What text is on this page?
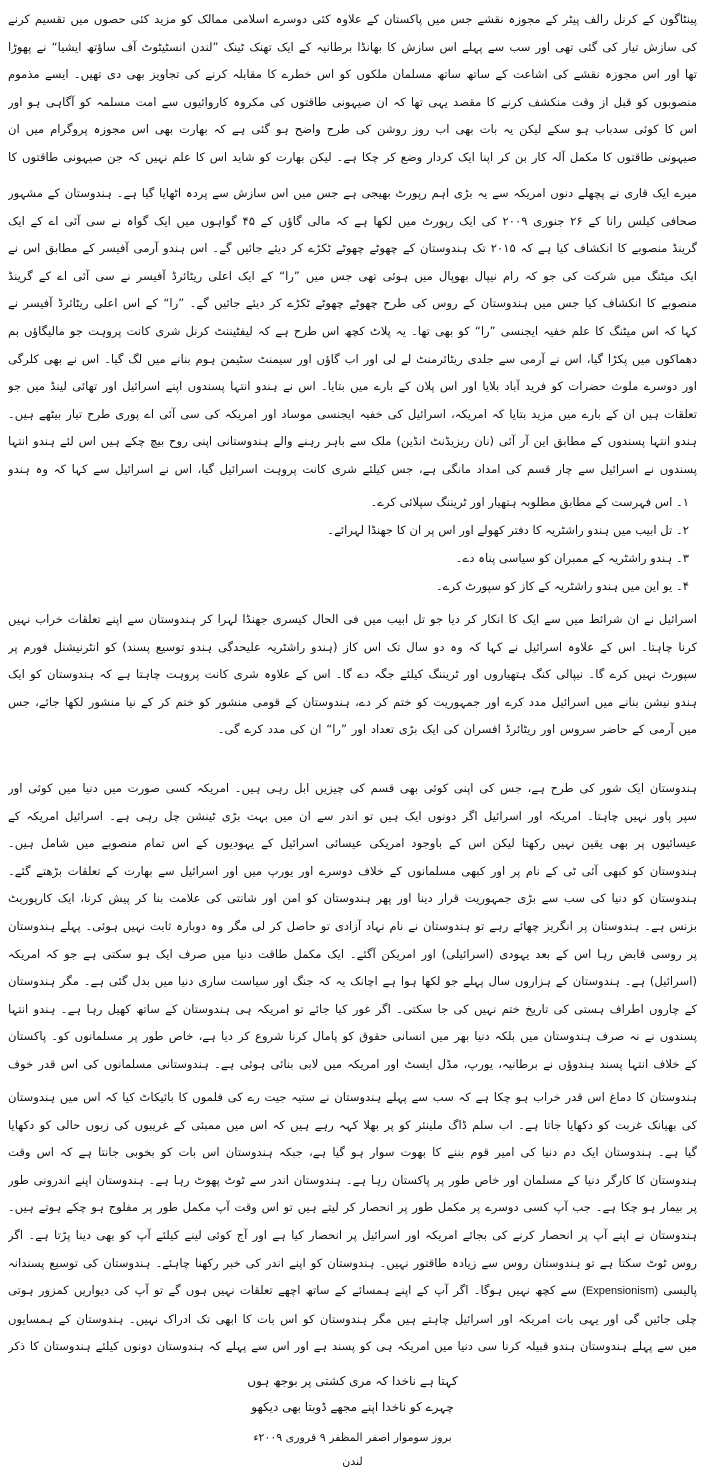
پینٹاگون کے کرنل رالف پیٹر کے مجوزہ نقشے جس میں پاکستان کے علاوہ کئی دوسرے اسلامی ممالک کو مزید کئی حصوں میں تقسیم کرنے کی سازش تیار کی گئی تھی اور سب سے پہلے اس سازش کا بھانڈا برطانیہ کے ایک تھنک ٹینک ”لندن انسٹیٹوٹ آف ساؤتھ ایشیا“ نے پھوڑا تھا اور اس مجوزہ نقشے کی اشاعت کے ساتھ ساتھ مسلمان ملکوں کو اس خطرے کا مقابلہ کرنے کی تجاویز بھی دی تھیں۔ ایسے مذموم منصوبوں کو قبل از وقت منکشف کرنے کا مقصد یہی تھا کہ ان صیہونی طاقتوں کی مکروہ کاروائیوں سے امت مسلمہ کو آگاہی ہو اور اس کا کوئی سدباب ہو سکے لیکن یہ بات بھی اب روز روشن کی طرح واضح ہو گئی ہے کہ بھارت بھی اس مجوزہ پروگرام میں ان صیہونی طاقتوں کا مکمل آلہ کار بن کر اپنا ایک کردار وضع کر چکا ہے۔ لیکن بھارت کو شاید اس کا علم نہیں کہ جن صیہونی طاقتوں کا

میرے ایک قاری نے پچھلے دنوں امریکہ سے یہ بڑی اہم رپورٹ بھیجی ہے جس میں اس سازش سے پردہ اٹھایا گیا ہے۔ ہندوستان کے مشہور صحافی کیلس رانا کے ۲۶ جنوری ۲۰۰۹ کی ایک رپورٹ میں لکھا ہے کہ مالی گاؤں کے ۴۵ گواہوں میں ایک گواہ نے سی آئی اے کے ایک گرینڈ منصوبے کا انکشاف کیا ہے کہ ۲۰۱۵ تک ہندوستان کے چھوٹے چھوٹے ٹکڑے کر دیئے جائیں گے۔ اس ہندو آرمی آفیسر کے مطابق اس نے ایک میٹنگ میں شرکت کی جو کہ رام نیپال بھوپال میں ہوئی تھی جس میں ”را“ کے ایک اعلی ریٹائرڈ آفیسر نے سی آئی اے کے گرینڈ منصوبے کا انکشاف کیا جس میں ہندوستان کے روس کی طرح چھوٹے چھوٹے ٹکڑے کر دیئے جائیں گے۔ ”را“ کے اس اعلی ریٹائرڈ آفیسر نے کہا کہ اس میٹنگ کا علم خفیہ ایجنسی ”را“ کو بھی تھا۔ یہ پلاٹ کچھ اس طرح ہے کہ لیفٹیننٹ کرنل شری کانت پروہت جو مالیگاؤں بم دھماکوں میں پکڑا گیا، اس نے آرمی سے جلدی ریٹائرمنٹ لے لی اور اب گاؤں اور سیمنٹ سٹیمن ہوم بنانے میں لگ گیا۔ اس نے بھی کلرگی اور دوسرے ملوث حضرات کو فرید آباد بلایا اور اس پلان کے بارے میں بتایا۔ اس نے ہندو انتہا پسندوں اپنے اسرائیل اور تھائی لینڈ میں جو تعلقات ہیں ان کے بارے میں مزید بتایا کہ امریکہ، اسرائیل کی خفیہ ایجنسی موساد اور امریکہ کی سی آئی اے پوری طرح تیار بیٹھے ہیں۔ ہندو انتہا پسندوں کے مطابق این آر آئی (نان ریزیڈنٹ انڈین) ملک سے باہر رہنے والے ہندوستانی اپنی روح بیچ چکے ہیں اس لئے ہندو انتہا پسندوں نے اسرائیل سے چار قسم کی امداد مانگی ہے، جس کیلئے شری کانت پروہت اسرائیل گیا، اس نے اسرائیل سے کہا کہ وہ ہندو

۱۔ اس فہرست کے مطابق مطلوبہ ہتھیار اور ٹریننگ سپلائی کرے۔
۲۔ تل ابیب میں ہندو راشٹریہ کا دفتر کھولے اور اس پر ان کا جھنڈا لہرائے۔
۳۔ ہندو راشٹریہ کے ممبران کو سیاسی پناہ دے۔
۴۔ یو این میں ہندو راشٹریہ کے کاز کو سپورٹ کرے۔

اسرائیل نے ان شرائط میں سے ایک کا انکار کر دیا جو تل ابیب میں فی الحال کیسری جھنڈا لہرا کر ہندوستان سے اپنے تعلقات خراب نہیں کرنا چاہتا۔ اس کے علاوہ اسرائیل نے کہا کہ وہ دو سال تک اس کاز (ہندو راشٹریہ علیحدگی ہندو توسیع پسند) کو انٹرنیشنل فورم پر سپورٹ نہیں کرے گا۔ نیپالی کنگ ہتھیاروں اور ٹریننگ کیلئے جگہ دے گا۔ اس کے علاوہ شری کانت پروہت چاہتا ہے کہ ہندوستان کو ایک ہندو نیشن بنانے میں اسرائیل مدد کرے اور جمہوریت کو ختم کر دے، ہندوستان کے قومی منشور کو ختم کر کے نیا منشور لکھا جائے، جس میں آرمی کے حاضر سروس اور ریٹائرڈ افسران کی ایک بڑی تعداد اور ”را“ ان کی مدد کرے گی۔

ہندوستان ایک شور کی طرح ہے، جس کی اپنی کوئی بھی قسم کی چیزیں ابل رہی ہیں۔ امریکہ کسی صورت میں دنیا میں کوئی اور سپر پاور نہیں چاہتا۔ امریکہ اور اسرائیل اگر دونوں ایک ہیں تو اندر سے ان میں بہت بڑی ٹینشن چل رہی ہے۔ اسرائیل امریکہ کے عیسائیوں پر بھی یقین نہیں رکھتا لیکن اس کے باوجود امریکی عیسائی اسرائیل کے یہودیوں کے اس تمام منصوبے میں شامل ہیں۔ ہندوستان کو کبھی آئی ٹی کے نام پر اور کبھی مسلمانوں کے خلاف دوسرے اور یورپ میں اور اسرائیل سے بھارت کے تعلقات بڑھتے گئے۔ ہندوستان کو دنیا کی سب سے بڑی جمہوریت قرار دینا اور پھر ہندوستان کو امن اور شانتی کی علامت بنا کر پیش کرنا، ایک کارپوریٹ بزنس ہے۔ ہندوستان پر انگریز چھائے رہے تو ہندوستان نے نام نہاد آزادی تو حاصل کر لی مگر وہ دوبارہ ثابت نہیں ہوئی۔ پہلے ہندوستان پر روسی قابض رہا اس کے بعد یہودی (اسرائیلی) اور امریکن آگئے۔ ایک مکمل طاقت دنیا میں صرف ایک ہو سکتی ہے جو کہ امریکہ (اسرائیل) ہے۔ ہندوستان کے ہزاروں سال پہلے جو لکھا ہوا ہے اچانک یہ کہ جنگ اور سیاست ساری دنیا میں بدل گئی ہے۔ مگر ہندوستان کے چاروں اطراف ہستی کی تاریخ ختم نہیں کی جا سکتی۔ اگر غور کیا جائے تو امریکہ ہی ہندوستان کے ساتھ کھیل رہا ہے۔ ہندو انتہا پسندوں نے نہ صرف ہندوستان میں بلکہ دنیا بھر میں انسانی حقوق کو پامال کرنا شروع کر دیا ہے، خاص طور پر مسلمانوں کو۔ پاکستان کے خلاف انتہا پسند ہندوؤں نے برطانیہ، یورپ، مڈل ایسٹ اور امریکہ میں لابی بنائی ہوئی ہے۔ ہندوستانی مسلمانوں کی اس قدر خوف

ہندوستان کا دماغ اس قدر خراب ہو چکا ہے کہ سب سے پہلے ہندوستان نے ستیہ جیت رے کی فلموں کا بائیکاٹ کیا کہ اس میں ہندوستان کی بھیانک غربت کو دکھایا جاتا ہے۔ اب سلم ڈاگ ملینئر کو پر بھلا کہہ رہے ہیں کہ اس میں ممبئی کے غریبوں کی زبوں حالی کو دکھایا گیا ہے۔ ہندوستان ایک دم دنیا کی امیر قوم بننے کا بھوت سوار ہو گیا ہے، جبکہ ہندوستان اس بات کو بخوبی جانتا ہے کہ اس وقت ہندوستان کا کارگر دنیا کے مسلمان اور خاص طور پر پاکستان رہا ہے۔ ہندوستان اندر سے ٹوٹ پھوٹ رہا ہے۔ ہندوستان اپنے اندرونی طور پر بیمار ہو چکا ہے۔ جب آپ کسی دوسرے پر مکمل طور پر انحصار کر لیتے ہیں تو اس وقت آپ مکمل طور پر مفلوج ہو چکے ہوتے ہیں۔ ہندوستان نے اپنے آپ پر انحصار کرنے کی بجائے امریکہ اور اسرائیل پر انحصار کیا ہے اور آج کوئی لینے کیلئے آپ کو بھی دینا پڑتا ہے۔ اگر روس ٹوٹ سکتا ہے تو ہندوستان روس سے زیادہ طاقتور نہیں۔ ہندوستان کو اپنے اندر کی خبر رکھنا چاہئے۔ ہندوستان کی توسیع پسندانہ پالیسی (Expensionism) سے کچھ نہیں ہوگا۔ اگر آپ کے اپنے ہمسائے کے ساتھ اچھے تعلقات نہیں ہوں گے تو آپ کی دیواریں کمزور ہوتی چلی جائیں گی اور یہی بات امریکہ اور اسرائیل چاہتے ہیں مگر ہندوستان کو اس بات کا ابھی تک ادراک نہیں۔ ہندوستان کے ہمسایوں میں سے پہلے ہندوستان ہندو قبیلہ کرنا سی دنیا میں امریکہ ہی کو پسند ہے اور اس سے پہلے کہ ہندوستان دونوں کیلئے ہندوستان کا ذکر

کہتا ہے ناخدا کہ مری کشتی پر بوجھ ہوں
چہرے کو ناخدا اپنے مجھے ڈوبتا بھی دیکھو
بروز سوموار اصفر المظفر ۹ فروری ۲۰۰۹ء
لندن
